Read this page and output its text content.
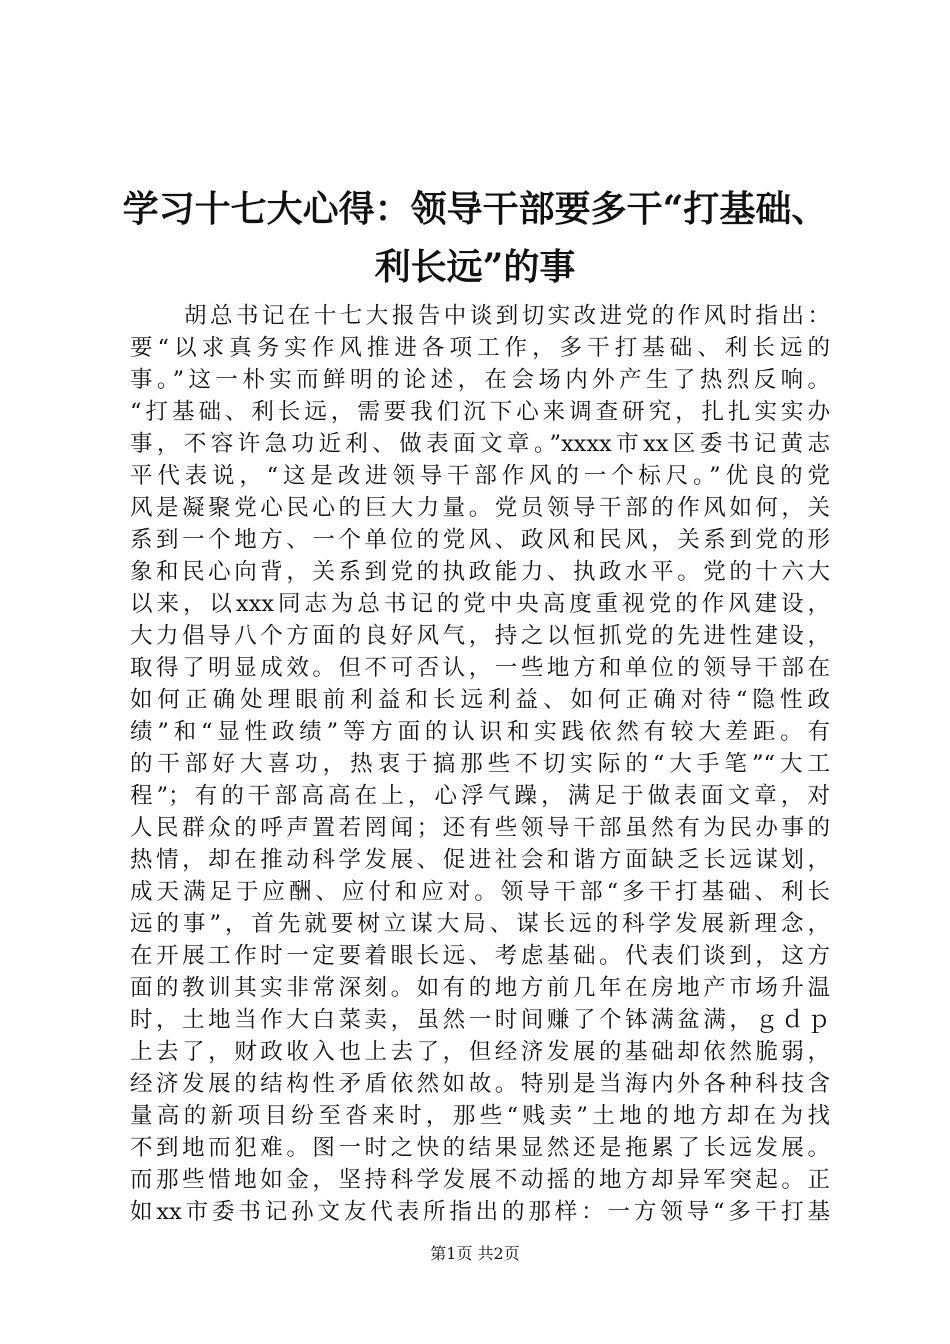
学习十七大心得：领导干部要多干“打基础、
利长远”的事
胡总书记在十七大报告中谈到切实改进党的作风时指出：
要“以求真务实作风推进各项工作，多干打基础、利长远的
事。”这一朴实而鲜明的论述，在会场内外产生了热烈反响。
“打基础、利长远，需要我们沉下心来调查研究，扎扎实实办
事，不容许急功近利、做表面文章。”xxxx市xx区委书记黄志
平代表说，“这是改进领导干部作风的一个标尺。”优良的党
风是凝聚党心民心的巨大力量。党员领导干部的作风如何，关
系到一个地方、一个单位的党风、政风和民风，关系到党的形
象和民心向背，关系到党的执政能力、执政水平。党的十六大
以来，以xxx同志为总书记的党中央高度重视党的作风建设，
大力倡导八个方面的良好风气，持之以恒抓党的先进性建设，
取得了明显成效。但不可否认，一些地方和单位的领导干部在
如何正确处理眼前利益和长远利益、如何正确对待“隐性政
绩”和“显性政绩”等方面的认识和实践依然有较大差距。有
的干部好大喜功，热衷于搞那些不切实际的“大手笔”“大工
程”；有的干部高高在上，心浮气躁，满足于做表面文章，对
人民群众的呼声置若罔闻；还有些领导干部虽然有为民办事的
热情，却在推动科学发展、促进社会和谐方面缺乏长远谋划，
成天满足于应酬、应付和应对。领导干部“多干打基础、利长
远的事”，首先就要树立谋大局、谋长远的科学发展新理念，
在开展工作时一定要着眼长远、考虑基础。代表们谈到，这方
面的教训其实非常深刻。如有的地方前几年在房地产市场升温
时，土地当作大白菜卖，虽然一时间赚了个钵满盆满，ｇｄｐ
上去了，财政收入也上去了，但经济发展的基础却依然脆弱，
经济发展的结构性矛盾依然如故。特别是当海内外各种科技含
量高的新项目纷至沓来时，那些“贱卖”土地的地方却在为找
不到地而犯难。图一时之快的结果显然还是拖累了长远发展。
而那些惜地如金，坚持科学发展不动摇的地方却异军突起。正
如xx市委书记孙文友代表所指出的那样：一方领导“多干打基
第1页 共2页
